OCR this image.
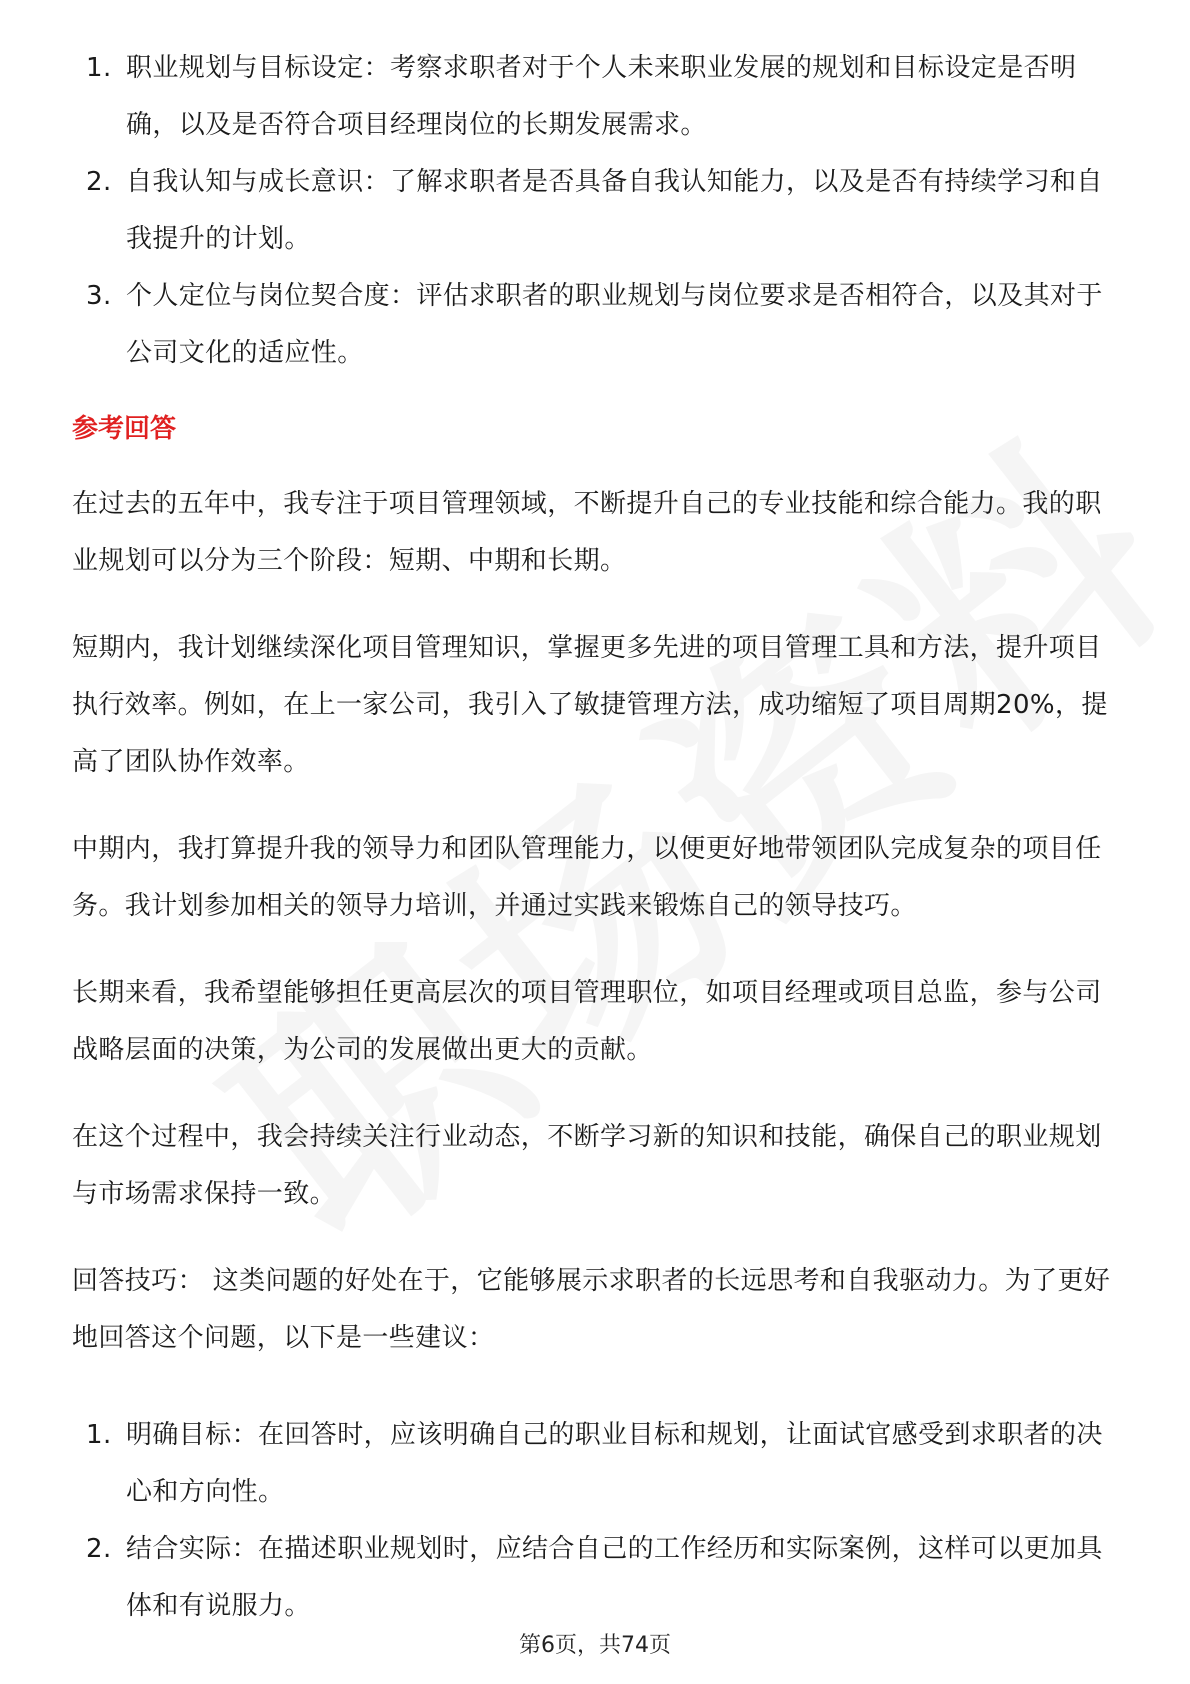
1. 职业规划与目标设定：考察求职者对于个人未来职业发展的规划和目标设定是否明确，以及是否符合项目经理岗位的长期发展需求。
2. 自我认知与成长意识：了解求职者是否具备自我认知能力，以及是否有持续学习和自我提升的计划。
3. 个人定位与岗位契合度：评估求职者的职业规划与岗位要求是否相符合，以及其对于公司文化的适应性。
参考回答

在过去的五年中，我专注于项目管理领域，不断提升自己的专业技能和综合能力。我的职业规划可以分为三个阶段：短期、中期和长期。

短期内，我计划继续深化项目管理知识，掌握更多先进的项目管理工具和方法，提升项目执行效率。例如，在上一家公司，我引入了敏捷管理方法，成功缩短了项目周期20%，提高了团队协作效率。

中期内，我打算提升我的领导力和团队管理能力，以便更好地带领团队完成复杂的项目任务。我计划参加相关的领导力培训，并通过实践来锻炼自己的领导技巧。

长期来看，我希望能够担任更高层次的项目管理职位，如项目经理或项目总监，参与公司战略层面的决策，为公司的发展做出更大的贡献。

在这个过程中，我会持续关注行业动态，不断学习新的知识和技能，确保自己的职业规划与市场需求保持一致。

回答技巧： 这类问题的好处在于，它能够展示求职者的长远思考和自我驱动力。为了更好地回答这个问题，以下是一些建议：

1. 明确目标：在回答时，应该明确自己的职业目标和规划，让面试官感受到求职者的决心和方向性。
2. 结合实际：在描述职业规划时，应结合自己的工作经历和实际案例，这样可以更加具体和有说服力。
第6页，共74页
